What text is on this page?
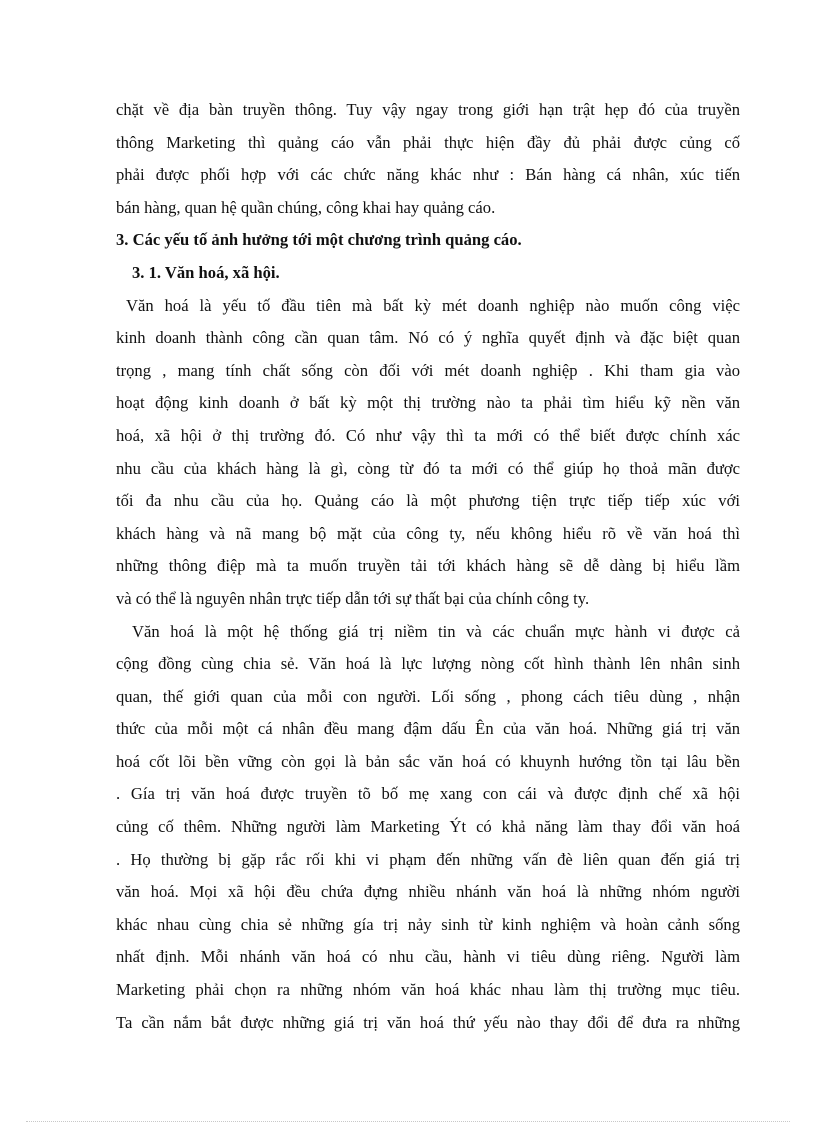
chặt về địa bàn truyền thông. Tuy vậy ngay trong giới hạn trật hẹp đó của truyền
thông Marketing thì quảng cáo vẫn phải thực hiện đầy đủ phải được củng cố
phải được phối hợp với các chức năng khác như : Bán hàng cá nhân, xúc tiến
bán hàng, quan hệ quần chúng, công khai hay quảng cáo.
3. Các yếu tố ảnh hưởng tới một chương trình quảng cáo.
3. 1. Văn hoá, xã hội.
Văn hoá là yếu tố đầu tiên mà bất kỳ mét doanh nghiệp nào muốn công việc
kinh doanh thành công cần quan tâm. Nó có ý nghĩa quyết định và đặc biệt quan
trọng , mang tính chất sống còn đối với mét doanh nghiệp . Khi tham gia vào
hoạt động kinh doanh ở bất kỳ một thị trường nào ta phải tìm hiểu kỹ nền văn
hoá, xã hội ở thị trường đó. Có như vậy thì ta mới có thể biết được chính xác
nhu cầu của khách hàng là gì, còng từ đó ta mới có thể giúp họ thoả mãn được
tối đa nhu cầu của họ. Quảng cáo là một phương tiện trực tiếp tiếp xúc với
khách hàng và nã mang bộ mặt của công ty, nếu không hiểu rõ về văn hoá thì
những thông điệp mà ta muốn truyền tải tới khách hàng sẽ dễ dàng bị hiểu lầm
và có thể là nguyên nhân trực tiếp dẫn tới sự thất bại của chính công ty.
Văn hoá là một hệ thống giá trị niềm tin và các chuẩn mực hành vi được cả
cộng đồng cùng chia sẻ. Văn hoá là lực lượng nòng cốt hình thành lên nhân sinh
quan, thế giới quan của mỗi con người. Lối sống , phong cách tiêu dùng , nhận
thức của mỗi một cá nhân đều mang đậm dấu Ên của văn hoá. Những giá trị văn
hoá cốt lõi bền vững còn gọi là bản sắc văn hoá có khuynh hướng tồn tại lâu bền
. Gía trị văn hoá được truyền tõ bố mẹ xang con cái và được định chế xã hội
củng cố thêm. Những người làm Marketing Ýt có khả năng làm thay đổi văn hoá
. Họ thường bị gặp rắc rối khi vi phạm đến những vấn đè liên quan đến giá trị
văn hoá. Mọi xã hội đều chứa đựng nhiều nhánh văn hoá là những nhóm người
khác nhau cùng chia sẻ những gía trị nảy sinh từ kinh nghiệm và hoàn cảnh sống
nhất định. Mỗi nhánh văn hoá có nhu cầu, hành vi tiêu dùng riêng. Người làm
Marketing phải chọn ra những nhóm văn hoá khác nhau làm thị trường mục tiêu.
Ta cần nắm bắt được những giá trị văn hoá thứ yếu nào thay đổi để đưa ra những
